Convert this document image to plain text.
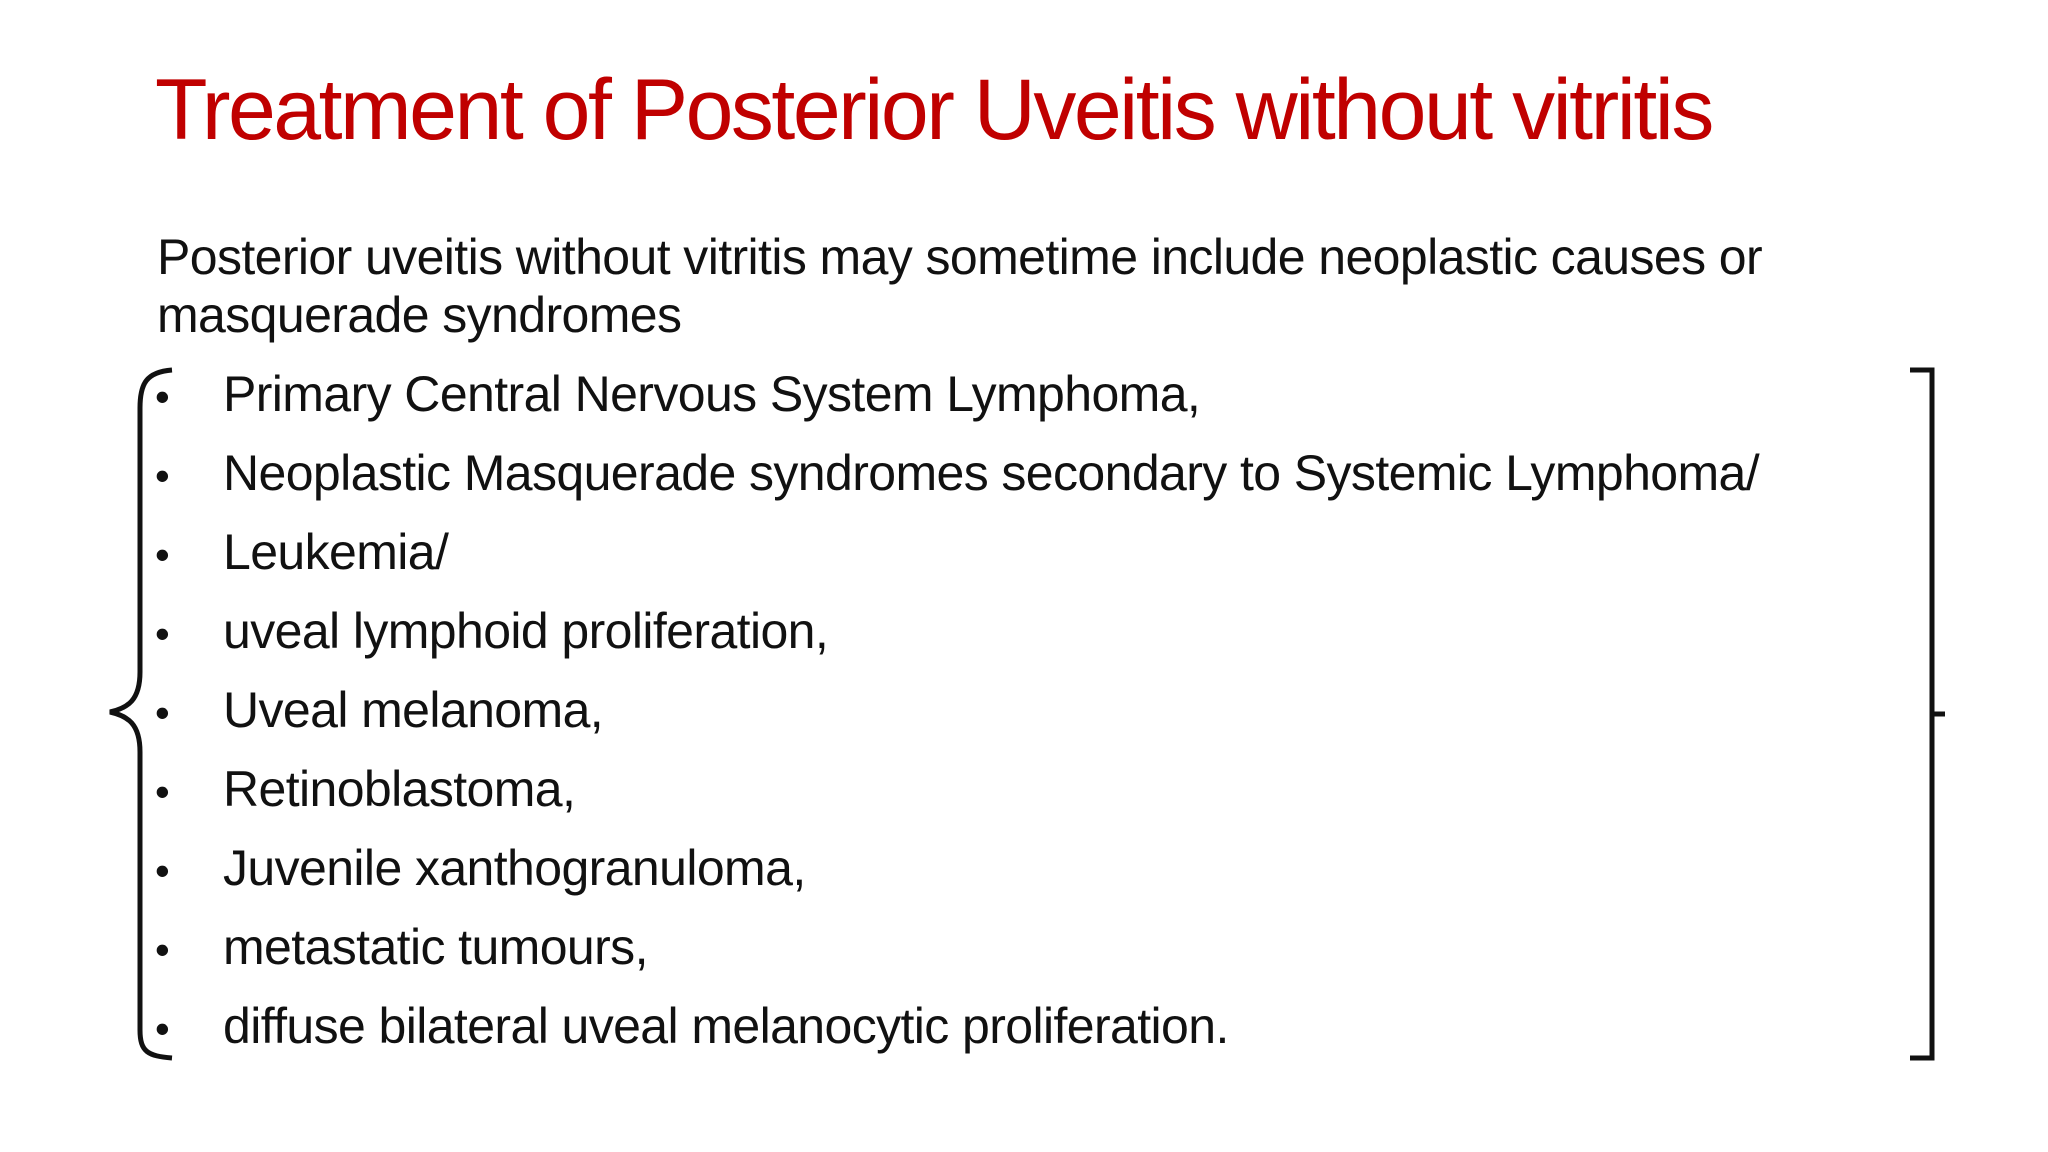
Treatment of Posterior Uveitis without vitritis
Posterior uveitis without vitritis may sometime include neoplastic causes or masquerade syndromes
• Primary Central Nervous System Lymphoma,
• Neoplastic Masquerade syndromes secondary to Systemic Lymphoma/
• Leukemia/
• uveal lymphoid proliferation,
• Uveal melanoma,
• Retinoblastoma,
• Juvenile xanthogranuloma,
• metastatic tumours,
• diffuse bilateral uveal melanocytic proliferation.
